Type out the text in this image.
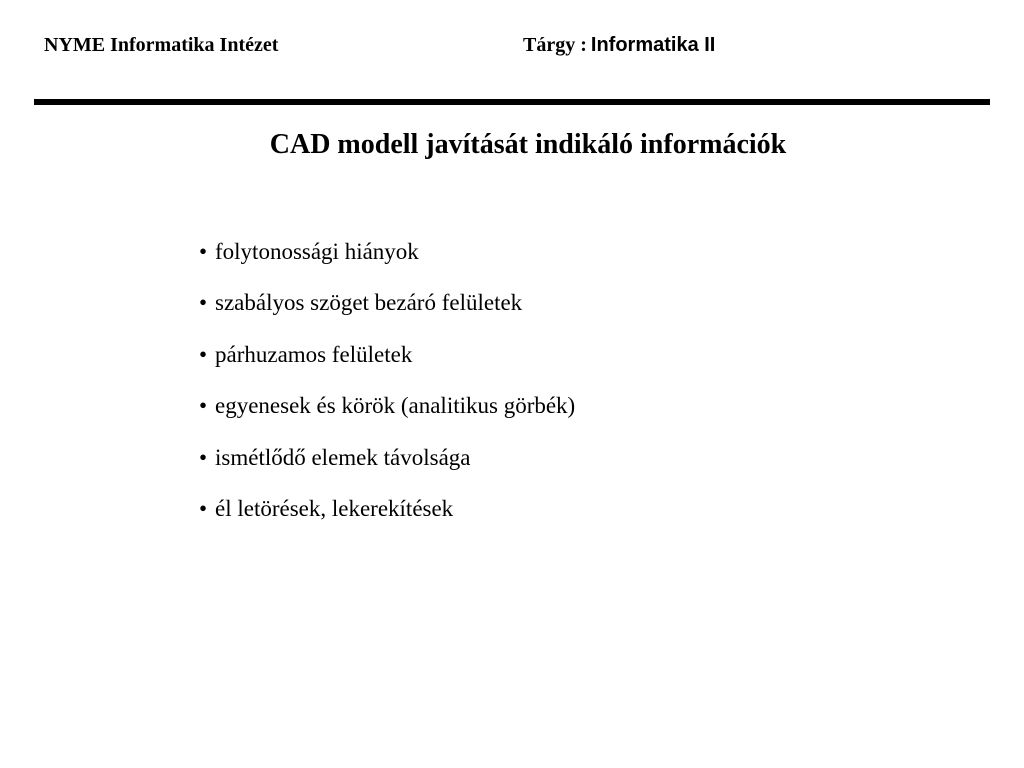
NYME Informatika Intézet	Tárgy : Informatika II
CAD modell javítását indikáló információk
• folytonossági hiányok
• szabályos szöget bezáró felületek
• párhuzamos felületek
• egyenesek és körök (analitikus görbék)
• ismétlődő elemek távolsága
• él letörések, lekerekítések
